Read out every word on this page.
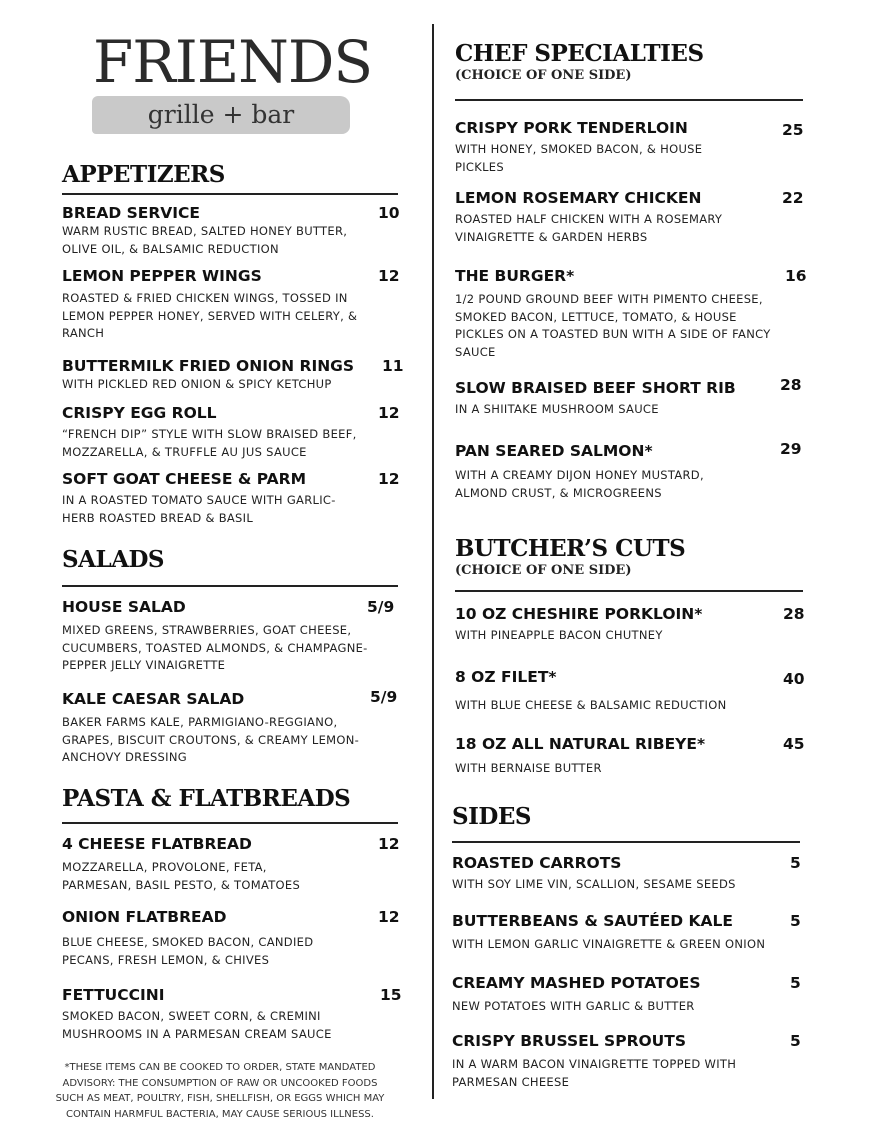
FRIENDS
grille + bar
APPETIZERS
BREAD SERVICE	10
WARM RUSTIC BREAD, SALTED HONEY BUTTER, OLIVE OIL, & BALSAMIC REDUCTION
LEMON PEPPER WINGS	12
ROASTED & FRIED CHICKEN WINGS, TOSSED IN LEMON PEPPER HONEY, SERVED WITH CELERY, & RANCH
BUTTERMILK FRIED ONION RINGS	11
WITH PICKLED RED ONION & SPICY KETCHUP
CRISPY EGG ROLL	12
“FRENCH DIP” STYLE WITH SLOW BRAISED BEEF, MOZZARELLA, & TRUFFLE AU JUS SAUCE
SOFT GOAT CHEESE & PARM	12
IN A ROASTED TOMATO SAUCE WITH GARLIC-HERB ROASTED BREAD & BASIL
SALADS
HOUSE SALAD	5/9
MIXED GREENS, STRAWBERRIES, GOAT CHEESE, CUCUMBERS, TOASTED ALMONDS, & CHAMPAGNE-PEPPER JELLY VINAIGRETTE
KALE CAESAR SALAD	5/9
BAKER FARMS KALE, PARMIGIANO-REGGIANO, GRAPES, BISCUIT CROUTONS, & CREAMY LEMON-ANCHOVY DRESSING
PASTA & FLATBREADS
4 CHEESE FLATBREAD	12
MOZZARELLA, PROVOLONE, FETA, PARMESAN, BASIL PESTO, & TOMATOES
ONION FLATBREAD	12
BLUE CHEESE, SMOKED BACON, CANDIED PECANS, FRESH LEMON, & CHIVES
FETTUCCINI	15
SMOKED BACON, SWEET CORN, & CREMINI MUSHROOMS IN A PARMESAN CREAM SAUCE
*THESE ITEMS CAN BE COOKED TO ORDER, STATE MANDATED ADVISORY: THE CONSUMPTION OF RAW OR UNCOOKED FOODS SUCH AS MEAT, POULTRY, FISH, SHELLFISH, OR EGGS WHICH MAY CONTAIN HARMFUL BACTERIA, MAY CAUSE SERIOUS ILLNESS.
CHEF SPECIALTIES
(CHOICE OF ONE SIDE)
CRISPY PORK TENDERLOIN	25
WITH HONEY, SMOKED BACON, & HOUSE PICKLES
LEMON ROSEMARY CHICKEN	22
ROASTED HALF CHICKEN WITH A ROSEMARY VINAIGRETTE & GARDEN HERBS
THE BURGER*	16
1/2 POUND GROUND BEEF WITH PIMENTO CHEESE, SMOKED BACON, LETTUCE, TOMATO, & HOUSE PICKLES ON A TOASTED BUN WITH A SIDE OF FANCY SAUCE
SLOW BRAISED BEEF SHORT RIB	28
IN A SHIITAKE MUSHROOM SAUCE
PAN SEARED SALMON*	29
WITH A CREAMY DIJON HONEY MUSTARD, ALMOND CRUST, & MICROGREENS
BUTCHER’S CUTS
(CHOICE OF ONE SIDE)
10 OZ CHESHIRE PORKLOIN*	28
WITH PINEAPPLE BACON CHUTNEY
8 OZ FILET*	40
WITH BLUE CHEESE & BALSAMIC REDUCTION
18 OZ ALL NATURAL RIBEYE*	45
WITH BERNAISE BUTTER
SIDES
ROASTED CARROTS	5
WITH SOY LIME VIN, SCALLION, SESAME SEEDS
BUTTERBEANS & SAUTÉED KALE	5
WITH LEMON GARLIC VINAIGRETTE & GREEN ONION
CREAMY MASHED POTATOES	5
NEW POTATOES WITH GARLIC & BUTTER
CRISPY BRUSSEL SPROUTS	5
IN A WARM BACON VINAIGRETTE TOPPED WITH PARMESAN CHEESE
